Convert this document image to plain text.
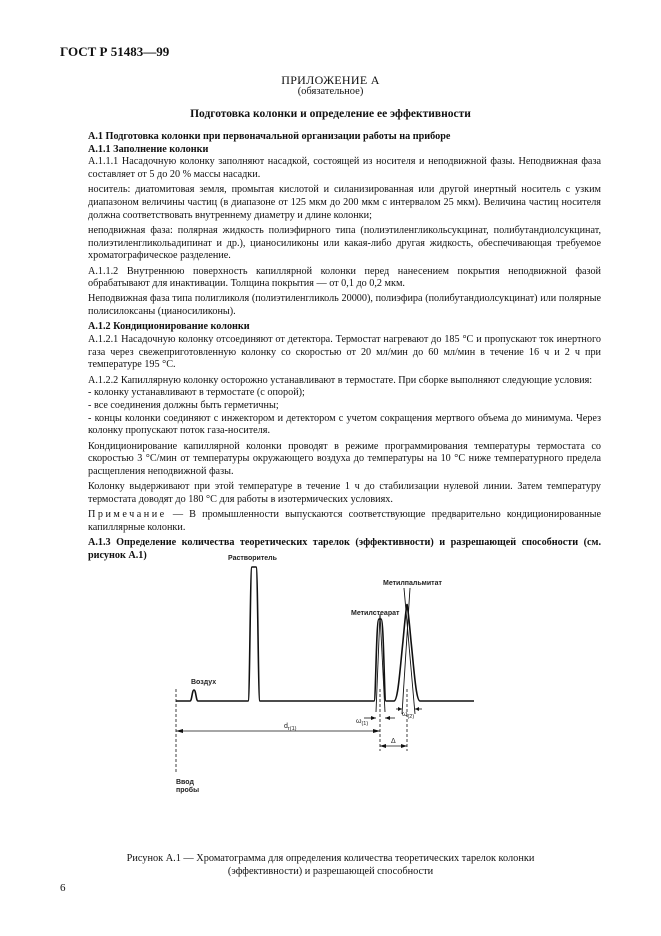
ГОСТ Р 51483—99
ПРИЛОЖЕНИЕ А
(обязательное)
Подготовка колонки и определение ее эффективности

А.1 Подготовка колонки при первоначальной организации работы на приборе

А.1.1 Заполнение колонки

А.1.1.1 Насадочную колонку заполняют насадкой, состоящей из носителя и неподвижной фазы. Неподвижная фаза составляет от 5 до 20 % массы насадки.

носитель: диатомитовая земля, промытая кислотой и силанизированная или другой инертный носитель с узким диапазоном величины частиц (в диапазоне от 125 мкм до 200 мкм с интервалом 25 мкм). Величина частиц носителя должна соответствовать внутреннему диаметру и длине колонки;

неподвижная фаза: полярная жидкость полиэфирного типа (полиэтиленгликольсукцинат, полибутандиолсукцинат, полиэтиленгликольадипинат и др.), цианосиликоны или какая-либо другая жидкость, обеспечивающая требуемое хроматографическое разделение.

А.1.1.2 Внутреннюю поверхность капиллярной колонки перед нанесением покрытия неподвижной фазой обрабатывают для инактивации. Толщина покрытия — от 0,1 до 0,2 мкм.

Неподвижная фаза типа полигликоля (полиэтиленгликоль 20000), полиэфира (полибутандиолсукцинат) или полярные полисилоксаны (цианосиликоны).

А.1.2 Кондиционирование колонки

А.1.2.1 Насадочную колонку отсоединяют от детектора. Термостат нагревают до 185 °С и пропускают ток инертного газа через свежеприготовленную колонку со скоростью от 20 мл/мин до 60 мл/мин в течение 16 ч и 2 ч при температуре 195 °С.

А.1.2.2 Капиллярную колонку осторожно устанавливают в термостате. При сборке выполняют следующие условия:

- колонку устанавливают в термостате (с опорой);

- все соединения должны быть герметичны;

- концы колонки соединяют с инжектором и детектором с учетом сокращения мертвого объема до минимума. Через колонку пропускают поток газа-носителя.

Кондиционирование капиллярной колонки проводят в режиме программирования температуры термостата со скоростью 3 °С/мин от температуры окружающего воздуха до температуры на 10 °С ниже температурного предела расщепления неподвижной фазы.

Колонку выдерживают при этой температуре в течение 1 ч до стабилизации нулевой линии. Затем температуру термостата доводят до 180 °С для работы в изотермических условиях.

Примечание — В промышленности выпускаются соответствующие предварительно кондиционированные капиллярные колонки.

А.1.3 Определение количества теоретических тарелок (эффективности) и разрешающей способности (см. рисунок А.1)	Растворитель
Метилпальмитат
Метилстеарат
Воздух
$\omega_{(1)}$
$\omega_{(2)}$
$d_{r(1)}$
Δ
Ввод
пробы
Рисунок А.1 — Хроматограмма для определения количества теоретических тарелок колонки (эффективности) и разрешающей способности
6
